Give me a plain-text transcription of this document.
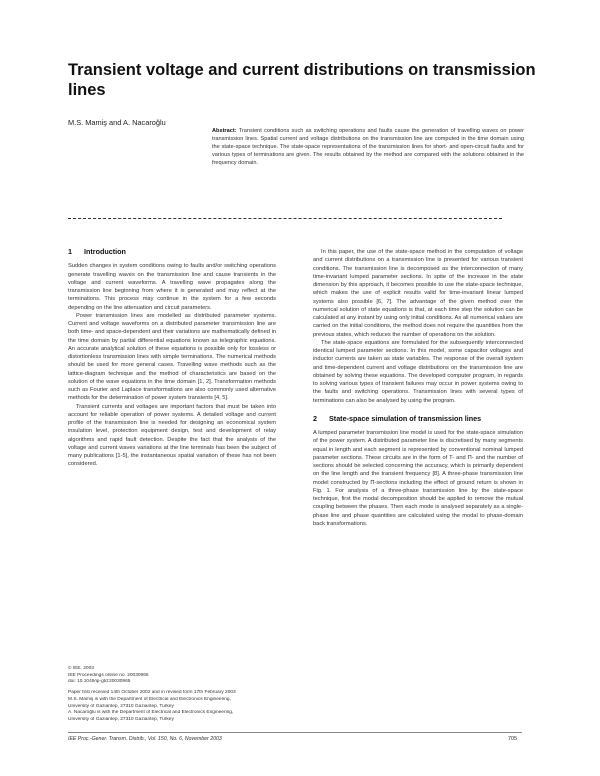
Transient voltage and current distributions on transmission lines
M.S. Mamiş and A. Nacaroğlu
Abstract: Transient conditions such as switching operations and faults cause the generation of travelling waves on power transmission lines. Spatial current and voltage distributions on the transmission line are computed in the time domain using the state-space technique. The state-space representations of the transmission lines for short- and open-circuit faults and for various types of terminations are given. The results obtained by the method are compared with the solutions obtained in the frequency domain.
1 Introduction

Sudden changes in system conditions owing to faults and/or switching operations generate travelling waves on the transmission line and cause transients in the voltage and current waveforms. A travelling wave propagates along the transmission line beginning from where it is generated and may reflect at the terminations. This process may continue in the system for a few seconds depending on the line attenuation and circuit parameters.

Power transmission lines are modelled as distributed parameter systems. Current and voltage waveforms on a distributed parameter transmission line are both time- and space-dependent and their variations are mathematically defined in the time domain by partial differential equations known as telegraphic equations. An accurate analytical solution of these equations is possible only for lossless or distortionless transmission lines with simple terminations. The numerical methods should be used for more general cases. Travelling wave methods such as the lattice-diagram technique and the method of characteristics are based on the solution of the wave equations in the time domain [1, 2]. Transformation methods such as Fourier and Laplace transformations are also commonly used alternative methods for the determination of power system transients [4, 5].

Transient currents and voltages are important factors that must be taken into account for reliable operation of power systems. A detailed voltage and current profile of the transmission line is needed for designing an economical system insulation level, protection equipment design, test and development of relay algorithms and rapid fault detection. Despite the fact that the analysis of the voltage and current waves variations at the line terminals has been the subject of many publications [1-5], the instantaneous spatial variation of these has not been considered.

In this paper, the use of the state-space method in the computation of voltage and current distributions on a transmission line is presented for various transient conditions. The transmission line is decomposed as the interconnection of many time-invariant lumped parameter sections. In spite of the increase in the state dimension by this approach, it becomes possible to use the state-space technique, which makes the use of explicit results valid for time-invariant linear lumped systems also possible [6, 7]. The advantage of the given method over the numerical solution of state equations is that, at each time step the solution can be calculated at any instant by using only initial conditions. As all numerical values are carried on the initial conditions, the method does not require the quantities from the previous states, which reduces the number of operations on the solution.

The state-space equations are formulated for the subsequently interconnected identical lumped parameter sections. In this model, some capacitor voltages and inductor currents are taken as state variables. The response of the overall system and time-dependent current and voltage distributions on the transmission line are obtained by solving these equations. The developed computer program, in regards to solving various types of transient failures may occur in power systems owing to the faults and switching operations. Transmission lines with several types of terminations can also be analysed by using the program.

2 State-space simulation of transmission lines

A lumped parameter transmission line model is used for the state-space simulation of the power system. A distributed parameter line is discretised by many segments equal in length and each segment is represented by conventional nominal lumped parameter sections. These circuits are in the form of T- and Π- and the number of sections should be selected concerning the accuracy, which is primarily dependent on the line length and the transient frequency [8]. A three-phase transmission line model constructed by Π-sections including the effect of ground return is shown in Fig. 1. For analysis of a three-phase transmission line by the state-space technique, first the modal decomposition should be applied to remove the mutual coupling between the phases. Then each mode is analysed separately as a single-phase line and phase quantities are calculated using the modal to phase-domain back transformations.

© IEE, 2003
IEE Proceedings online no. 20030965
doi: 10.1049/ip-gtd:20030965
Paper first received 14th October 2002 and in revised form 17th February 2003
M.S. Mamiş is with the Department of Electrical and Electronics Engineering,
University of Gaziantep, 27310 Gaziantep, Turkey
A. Nacaroğlu is with the Department of Electrical and Electronics Engineering,
University of Gaziantep, 27310 Gaziantep, Turkey
IEE Proc.-Gener. Transm. Distrib., Vol. 150, No. 6, November 2003	705
